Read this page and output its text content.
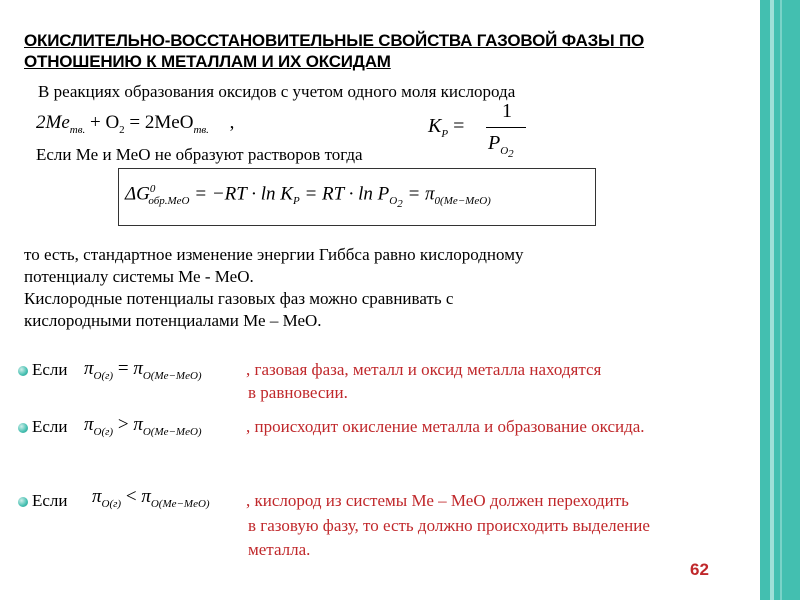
ОКИСЛИТЕЛЬНО-ВОССТАНОВИТЕЛЬНЫЕ СВОЙСТВА ГАЗОВОЙ ФАЗЫ ПО ОТНОШЕНИЮ К МЕТАЛЛАМ И ИХ ОКСИДАМ
В реакциях образования оксидов с учетом одного моля кислорода
$2Me_{тв.} + O_2 = 2MeO_{тв.}$ ,	$K_P$ =
1
$P_{O_2}$
Если Ме и МеО не образуют растворов тогда
$\Delta G^0_{обр.MeO} = -RT \cdot \ln K_P$ = RT · $\ln P_{O_2} = \pi_{0(Me-MeO)}$
то есть, стандартное изменение энергии Гиббса равно кислородному
потенциалу системы Ме - МеО.
Кислородные потенциалы газовых фаз можно сравнивать с
кислородными потенциалами Ме – МеО.
Если $\pi_{O(г)} = \pi_{O(Me-MeO)}$	, газовая фаза, металл и оксид металла находятся
в равновесии.
Если $\pi_{O(г)} > \pi_{O(Me-MeO)}$	, происходит окисление металла и образование оксида.
Если $\pi_{O(г)} < \pi_{O(Me-MeO)}$ , кислород из системы Ме – МеО должен переходить
в газовую фазу, то есть должно происходить выделение
металла.
62
